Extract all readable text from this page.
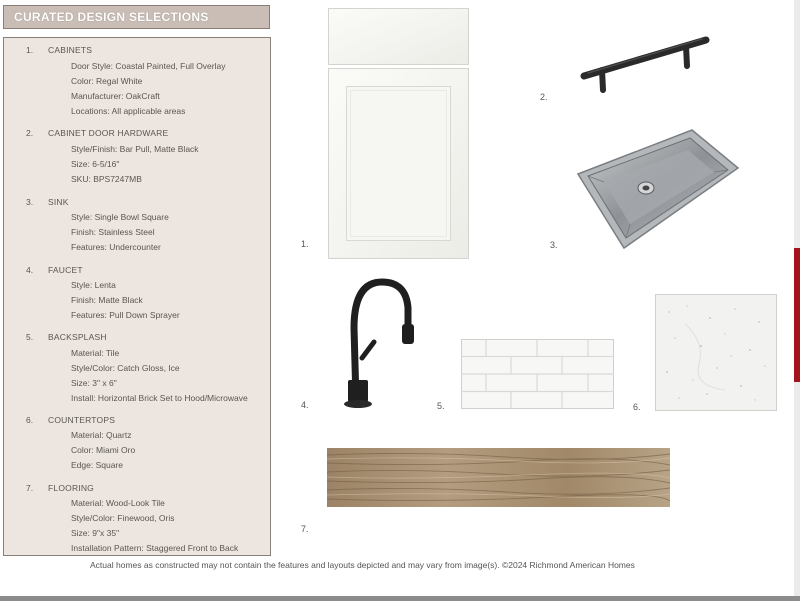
CURATED DESIGN SELECTIONS
1. CABINETS
Door Style: Coastal Painted, Full Overlay
Color: Regal White
Manufacturer: OakCraft
Locations: All applicable areas
2. CABINET DOOR HARDWARE
Style/Finish: Bar Pull, Matte Black
Size: 6-5/16"
SKU: BPS7247MB
3. SINK
Style: Single Bowl Square
Finish: Stainless Steel
Features: Undercounter
4. FAUCET
Style: Lenta
Finish: Matte Black
Features: Pull Down Sprayer
5. BACKSPLASH
Material: Tile
Style/Color: Catch Gloss, Ice
Size: 3" x 6"
Install: Horizontal Brick Set to Hood/Microwave
6. COUNTERTOPS
Material: Quartz
Color: Miami Oro
Edge: Square
7. FLOORING
Material: Wood-Look Tile
Style/Color: Finewood, Oris
Size: 9"x 35"
Installation Pattern: Staggered Front to Back
1.
2.
3.
4.	5.	6.
7.
Actual homes as constructed may not contain the features and layouts depicted and may vary from image(s). ©2024 Richmond American Homes
